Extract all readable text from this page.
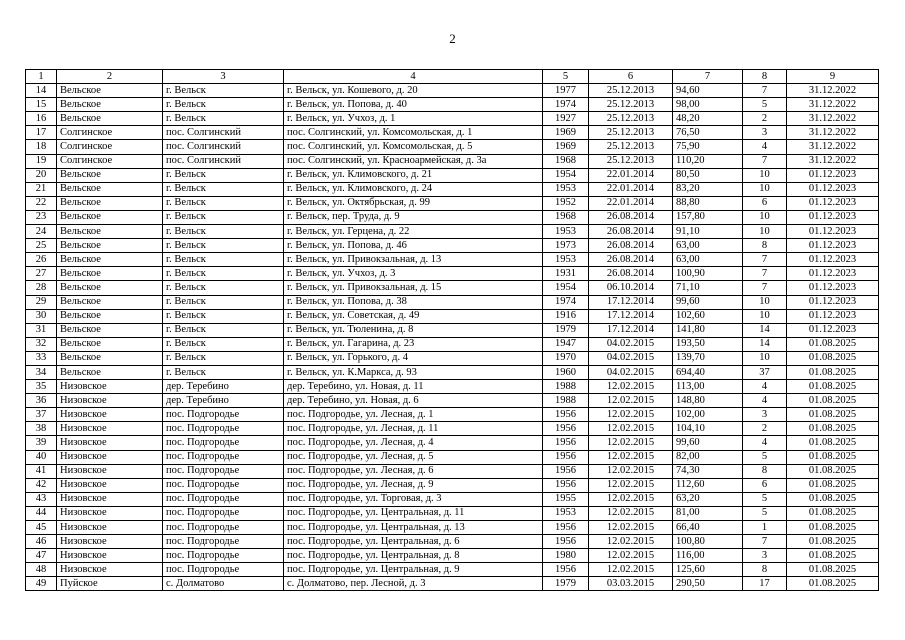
2
1	2	3	4	5	6	7	8	9
14	Вельское	г. Вельск	г. Вельск, ул. Кошевого, д. 20	1977	25.12.2013	94,60	7	31.12.2022
15	Вельское	г. Вельск	г. Вельск, ул. Попова, д. 40	1974	25.12.2013	98,00	5	31.12.2022
16	Вельское	г. Вельск	г. Вельск, ул. Учхоз, д. 1	1927	25.12.2013	48,20	2	31.12.2022
17	Солгинское	пос. Солгинский	пос. Солгинский, ул. Комсомольская, д. 1	1969	25.12.2013	76,50	3	31.12.2022
18	Солгинское	пос. Солгинский	пос. Солгинский, ул. Комсомольская, д. 5	1969	25.12.2013	75,90	4	31.12.2022
19	Солгинское	пос. Солгинский	пос. Солгинский, ул. Красноармейская, д. 3а	1968	25.12.2013	110,20	7	31.12.2022
20	Вельское	г. Вельск	г. Вельск, ул. Климовского, д. 21	1954	22.01.2014	80,50	10	01.12.2023
21	Вельское	г. Вельск	г. Вельск, ул. Климовского, д. 24	1953	22.01.2014	83,20	10	01.12.2023
22	Вельское	г. Вельск	г. Вельск, ул. Октябрьская, д. 99	1952	22.01.2014	88,80	6	01.12.2023
23	Вельское	г. Вельск	г. Вельск, пер. Труда, д. 9	1968	26.08.2014	157,80	10	01.12.2023
24	Вельское	г. Вельск	г. Вельск, ул. Герцена, д. 22	1953	26.08.2014	91,10	10	01.12.2023
25	Вельское	г. Вельск	г. Вельск, ул. Попова, д. 46	1973	26.08.2014	63,00	8	01.12.2023
26	Вельское	г. Вельск	г. Вельск, ул. Привокзальная, д. 13	1953	26.08.2014	63,00	7	01.12.2023
27	Вельское	г. Вельск	г. Вельск, ул. Учхоз, д. 3	1931	26.08.2014	100,90	7	01.12.2023
28	Вельское	г. Вельск	г. Вельск, ул. Привокзальная, д. 15	1954	06.10.2014	71,10	7	01.12.2023
29	Вельское	г. Вельск	г. Вельск, ул. Попова, д. 38	1974	17.12.2014	99,60	10	01.12.2023
30	Вельское	г. Вельск	г. Вельск, ул. Советская, д. 49	1916	17.12.2014	102,60	10	01.12.2023
31	Вельское	г. Вельск	г. Вельск, ул. Тюленина, д. 8	1979	17.12.2014	141,80	14	01.12.2023
32	Вельское	г. Вельск	г. Вельск, ул. Гагарина, д. 23	1947	04.02.2015	193,50	14	01.08.2025
33	Вельское	г. Вельск	г. Вельск, ул. Горького, д. 4	1970	04.02.2015	139,70	10	01.08.2025
34	Вельское	г. Вельск	г. Вельск, ул. К.Маркса, д. 93	1960	04.02.2015	694,40	37	01.08.2025
35	Низовское	дер. Теребино	дер. Теребино, ул. Новая, д. 11	1988	12.02.2015	113,00	4	01.08.2025
36	Низовское	дер. Теребино	дер. Теребино, ул. Новая, д. 6	1988	12.02.2015	148,80	4	01.08.2025
37	Низовское	пос. Подгородье	пос. Подгородье, ул. Лесная, д. 1	1956	12.02.2015	102,00	3	01.08.2025
38	Низовское	пос. Подгородье	пос. Подгородье, ул. Лесная, д. 11	1956	12.02.2015	104,10	2	01.08.2025
39	Низовское	пос. Подгородье	пос. Подгородье, ул. Лесная, д. 4	1956	12.02.2015	99,60	4	01.08.2025
40	Низовское	пос. Подгородье	пос. Подгородье, ул. Лесная, д. 5	1956	12.02.2015	82,00	5	01.08.2025
41	Низовское	пос. Подгородье	пос. Подгородье, ул. Лесная, д. 6	1956	12.02.2015	74,30	8	01.08.2025
42	Низовское	пос. Подгородье	пос. Подгородье, ул. Лесная, д. 9	1956	12.02.2015	112,60	6	01.08.2025
43	Низовское	пос. Подгородье	пос. Подгородье, ул. Торговая, д. 3	1955	12.02.2015	63,20	5	01.08.2025
44	Низовское	пос. Подгородье	пос. Подгородье, ул. Центральная, д. 11	1953	12.02.2015	81,00	5	01.08.2025
45	Низовское	пос. Подгородье	пос. Подгородье, ул. Центральная, д. 13	1956	12.02.2015	66,40	1	01.08.2025
46	Низовское	пос. Подгородье	пос. Подгородье, ул. Центральная, д. 6	1956	12.02.2015	100,80	7	01.08.2025
47	Низовское	пос. Подгородье	пос. Подгородье, ул. Центральная, д. 8	1980	12.02.2015	116,00	3	01.08.2025
48	Низовское	пос. Подгородье	пос. Подгородье, ул. Центральная, д. 9	1956	12.02.2015	125,60	8	01.08.2025
49	Пуйское	с. Долматово	с. Долматово, пер. Лесной, д. 3	1979	03.03.2015	290,50	17	01.08.2025
